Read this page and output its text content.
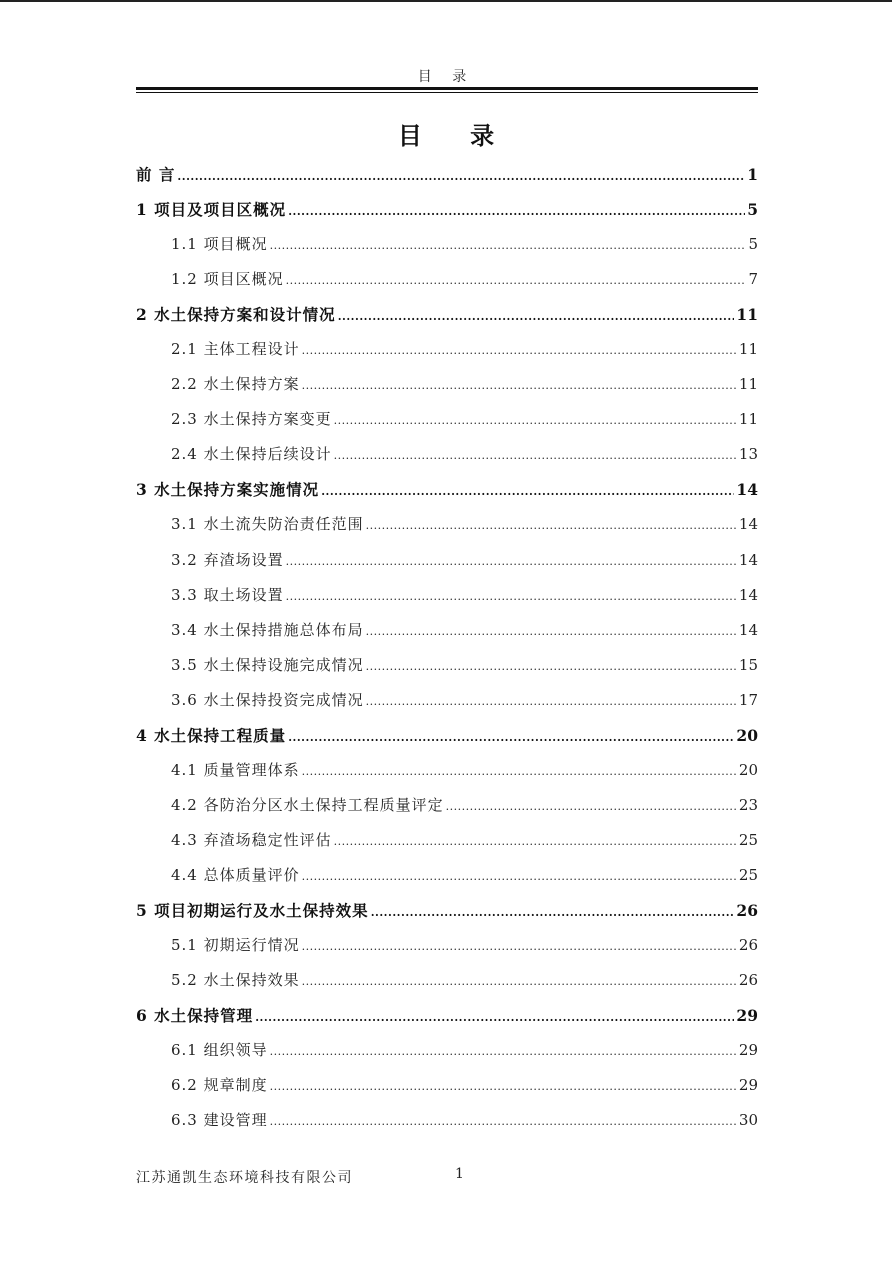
目 录
目 录
前 言 .....	1
1 项目及项目区概况 .....	5
1.1 项目概况 .....	5
1.2 项目区概况 .....	7
2 水土保持方案和设计情况 .....	11
2.1 主体工程设计 .....	11
2.2 水土保持方案 .....	11
2.3 水土保持方案变更 .....	11
2.4 水土保持后续设计 .....	13
3 水土保持方案实施情况 .....	14
3.1 水土流失防治责任范围 .....	14
3.2 弃渣场设置 .....	14
3.3 取土场设置 .....	14
3.4 水土保持措施总体布局 .....	14
3.5 水土保持设施完成情况 .....	15
3.6 水土保持投资完成情况 .....	17
4 水土保持工程质量 .....	20
4.1 质量管理体系 .....	20
4.2 各防治分区水土保持工程质量评定 .....	23
4.3 弃渣场稳定性评估 .....	25
4.4 总体质量评价 .....	25
5 项目初期运行及水土保持效果 .....	26
5.1 初期运行情况 .....	26
5.2 水土保持效果 .....	26
6 水土保持管理 .....	29
6.1 组织领导 .....	29
6.2 规章制度 .....	29
6.3 建设管理 .....	30
江苏通凯生态环境科技有限公司	1
